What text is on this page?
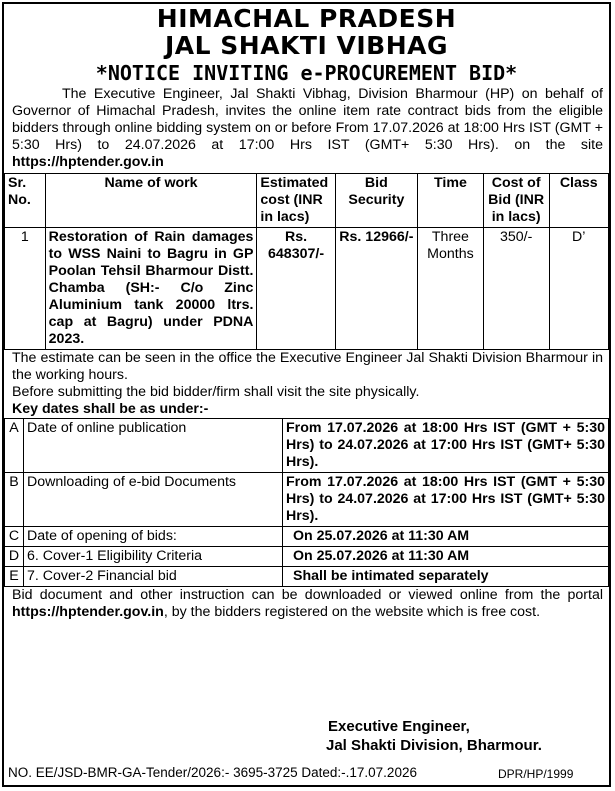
HIMACHAL PRADESH
JAL SHAKTI VIBHAG
*NOTICE INVITING e-PROCUREMENT BID*
The Executive Engineer, Jal Shakti Vibhag, Division Bharmour (HP) on behalf of Governor of Himachal Pradesh, invites the online item rate contract bids from the eligible bidders through online bidding system on or before From 17.07.2026 at 18:00 Hrs IST (GMT + 5:30 Hrs) to 24.07.2026 at 17:00 Hrs IST (GMT+ 5:30 Hrs). on the site https://hptender.gov.in
Sr. No.	Name of work	Estimated cost (INR in lacs)	Bid Security	Time	Cost of Bid (INR in lacs)	Class
1	Restoration of Rain damages to WSS Naini to Bagru in GP Poolan Tehsil Bharmour Distt. Chamba (SH:- C/o Zinc Aluminium tank 20000 ltrs. cap at Bagru) under PDNA 2023.	Rs. 648307/-	Rs. 12966/-	Three Months	350/-	D’
The estimate can be seen in the office the Executive Engineer Jal Shakti Division Bharmour in the working hours.
Before submitting the bid bidder/firm shall visit the site physically.
Key dates shall be as under:-
A	Date of online publication	From 17.07.2026 at 18:00 Hrs IST (GMT + 5:30 Hrs) to 24.07.2026 at 17:00 Hrs IST (GMT+ 5:30 Hrs).
B	Downloading of e-bid Documents	From 17.07.2026 at 18:00 Hrs IST (GMT + 5:30 Hrs) to 24.07.2026 at 17:00 Hrs IST (GMT+ 5:30 Hrs).
C	Date of opening of bids:	On 25.07.2026 at 11:30 AM
D	6. Cover-1 Eligibility Criteria	On 25.07.2026 at 11:30 AM
E	7. Cover-2 Financial bid	Shall be intimated separately
Bid document and other instruction can be downloaded or viewed online from the portal https://hptender.gov.in, by the bidders registered on the website which is free cost.
Executive Engineer,
Jal Shakti Division, Bharmour.
NO. EE/JSD-BMR-GA-Tender/2026:- 3695-3725 Dated:-.17.07.2026	DPR/HP/1999
